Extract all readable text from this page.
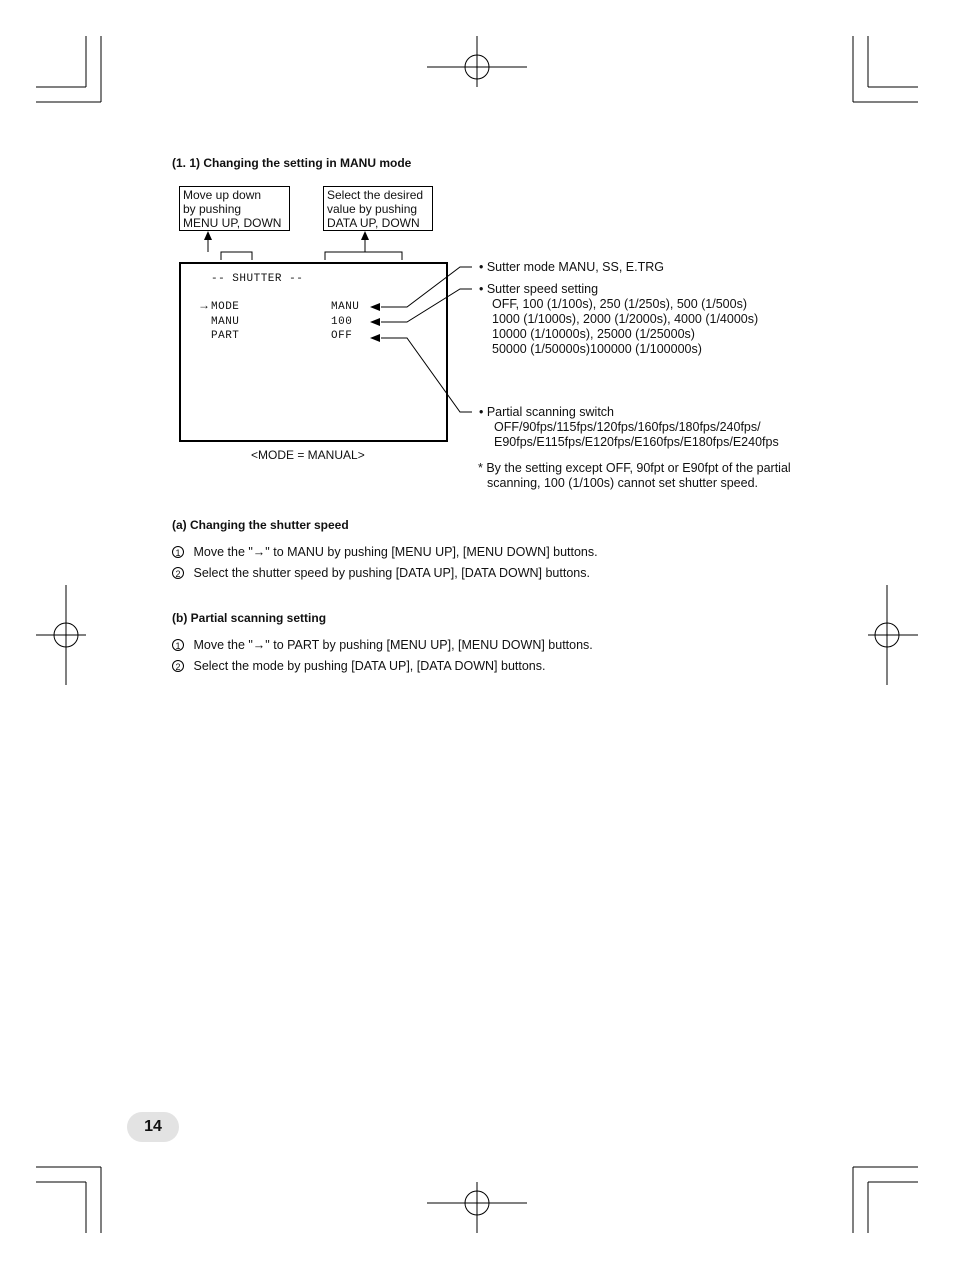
(1. 1) Changing the setting in MANU mode
Move up down
by pushing
MENU UP, DOWN
Select the desired
value by pushing
DATA UP, DOWN
-- SHUTTER --
→ MODE	MANU
MANU	100
PART	OFF
<MODE = MANUAL>
• Sutter mode MANU, SS, E.TRG
• Sutter speed setting
OFF, 100 (1/100s), 250 (1/250s), 500 (1/500s)
1000 (1/1000s), 2000 (1/2000s), 4000 (1/4000s)
10000 (1/10000s), 25000 (1/25000s)
50000 (1/50000s)100000 (1/100000s)
• Partial scanning switch
OFF/90fps/115fps/120fps/160fps/180fps/240fps/
E90fps/E115fps/E120fps/E160fps/E180fps/E240fps
* By the setting except OFF, 90fpt or E90fpt of the partial
scanning, 100 (1/100s) cannot set shutter speed.
(a) Changing the shutter speed
1 Move the "→" to MANU by pushing [MENU UP], [MENU DOWN] buttons.
2 Select the shutter speed by pushing [DATA UP], [DATA DOWN] buttons.
(b) Partial scanning setting
1 Move the "→" to PART by pushing [MENU UP], [MENU DOWN] buttons.
2 Select the mode by pushing [DATA UP], [DATA DOWN] buttons.
14
